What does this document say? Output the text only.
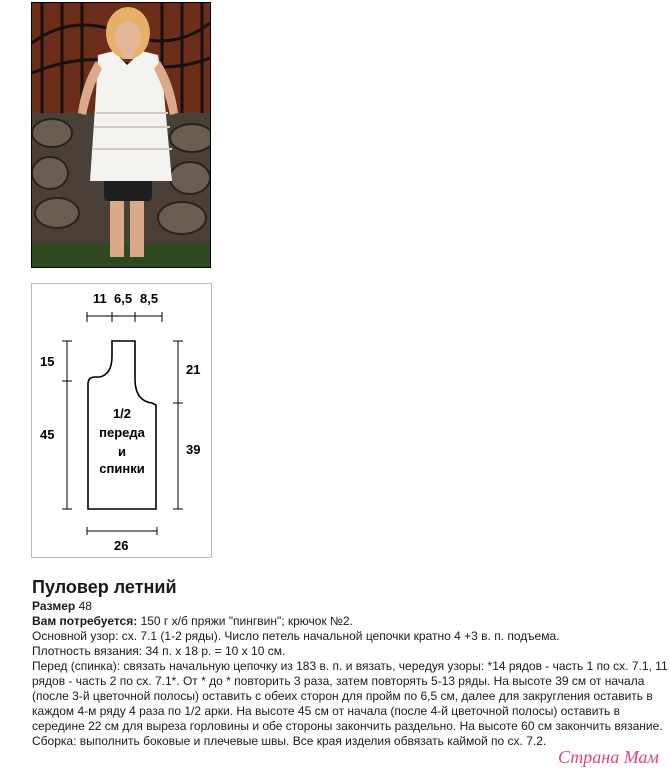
11 6,5 8,5
15
45
21
39
26
1/2
переда
и
спинки
Пуловер летний

Размер 48

Вам потребуется: 150 г х/б пряжи "пингвин"; крючок №2.

Основной узор: сх. 7.1 (1-2 ряды). Число петель начальной цепочки кратно 4 +3 в. п. подъема.

Плотность вязания: 34 п. х 18 р. = 10 х 10 см.

Перед (спинка): связать начальную цепочку из 183 в. п. и вязать, чередуя узоры: *14 рядов - часть 1 по сх. 7.1, 11 рядов - часть 2 по сх. 7.1*. От * до * повторить 3 раза, затем повторять 5-13 ряды. На высоте 39 см от начала (после 3-й цветочной полосы) оставить с обеих сторон для пройм по 6,5 см, далее для закругления оставить в каждом 4-м ряду 4 раза по 1/2 арки. На высоте 45 см от начала (после 4-й цветочной полосы) оставить в середине 22 см для выреза горловины и обе стороны закончить раздельно. На высоте 60 см закончить вязание.

Сборка: выполнить боковые и плечевые швы. Все края изделия обвязать каймой по сх. 7.2.

Страна Мам
